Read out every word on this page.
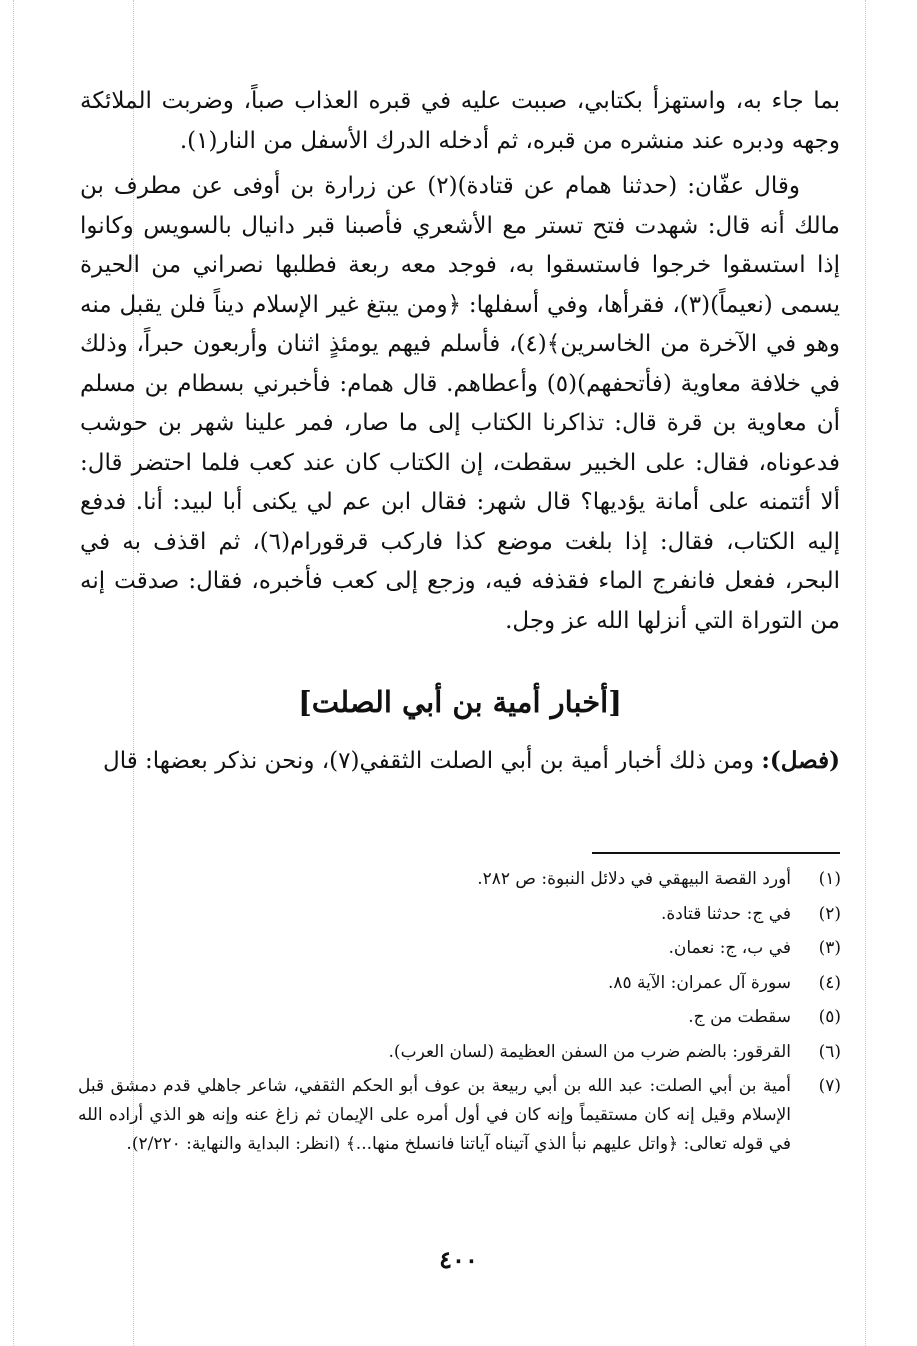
بما جاء به، واستهزأ بكتابي، صببت عليه في قبره العذاب صباً، وضربت الملائكة وجهه ودبره عند منشره من قبره، ثم أدخله الدرك الأسفل من النار(١).

وقال عفّان: (حدثنا همام عن قتادة)(٢) عن زرارة بن أوفى عن مطرف بن مالك أنه قال: شهدت فتح تستر مع الأشعري فأصبنا قبر دانيال بالسويس وكانوا إذا استسقوا خرجوا فاستسقوا به، فوجد معه ربعة فطلبها نصراني من الحيرة يسمى (نعيماً)(٣)، فقرأها، وفي أسفلها: ﴿ومن يبتغ غير الإسلام ديناً فلن يقبل منه وهو في الآخرة من الخاسرين﴾(٤)، فأسلم فيهم يومئذٍ اثنان وأربعون حبراً، وذلك في خلافة معاوية (فأتحفهم)(٥) وأعطاهم. قال همام: فأخبرني بسطام بن مسلم أن معاوية بن قرة قال: تذاكرنا الكتاب إلى ما صار، فمر علينا شهر بن حوشب فدعوناه، فقال: على الخبير سقطت، إن الكتاب كان عند كعب فلما احتضر قال: ألا أئتمنه على أمانة يؤديها؟ قال شهر: فقال ابن عم لي يكنى أبا لبيد: أنا. فدفع إليه الكتاب، فقال: إذا بلغت موضع كذا فاركب قرقورام(٦)، ثم اقذف به في البحر، ففعل فانفرج الماء فقذفه فيه، وزجع إلى كعب فأخبره، فقال: صدقت إنه من التوراة التي أنزلها الله عز وجل.

[أخبار أمية بن أبي الصلت]

(فصل): ومن ذلك أخبار أمية بن أبي الصلت الثقفي(٧)، ونحن نذكر بعضها: قال

(١)
أورد القصة البيهقي في دلائل النبوة: ص ٢٨٢.
(٢)
في ج: حدثنا قتادة.
(٣)
في ب، ج: نعمان.
(٤)
سورة آل عمران: الآية ٨٥.
(٥)
سقطت من ج.
(٦)
القرقور: بالضم ضرب من السفن العظيمة (لسان العرب).
(٧)
أمية بن أبي الصلت: عبد الله بن أبي ربيعة بن عوف أبو الحكم الثقفي، شاعر جاهلي قدم دمشق قبل الإسلام وقيل إنه كان مستقيماً وإنه كان في أول أمره على الإيمان ثم زاغ عنه وإنه هو الذي أراده الله في قوله تعالى: ﴿واتل عليهم نبأ الذي آتيناه آياتنا فانسلخ منها...﴾ (انظر: البداية والنهاية: ٢/٢٢٠).
٤٠٠
